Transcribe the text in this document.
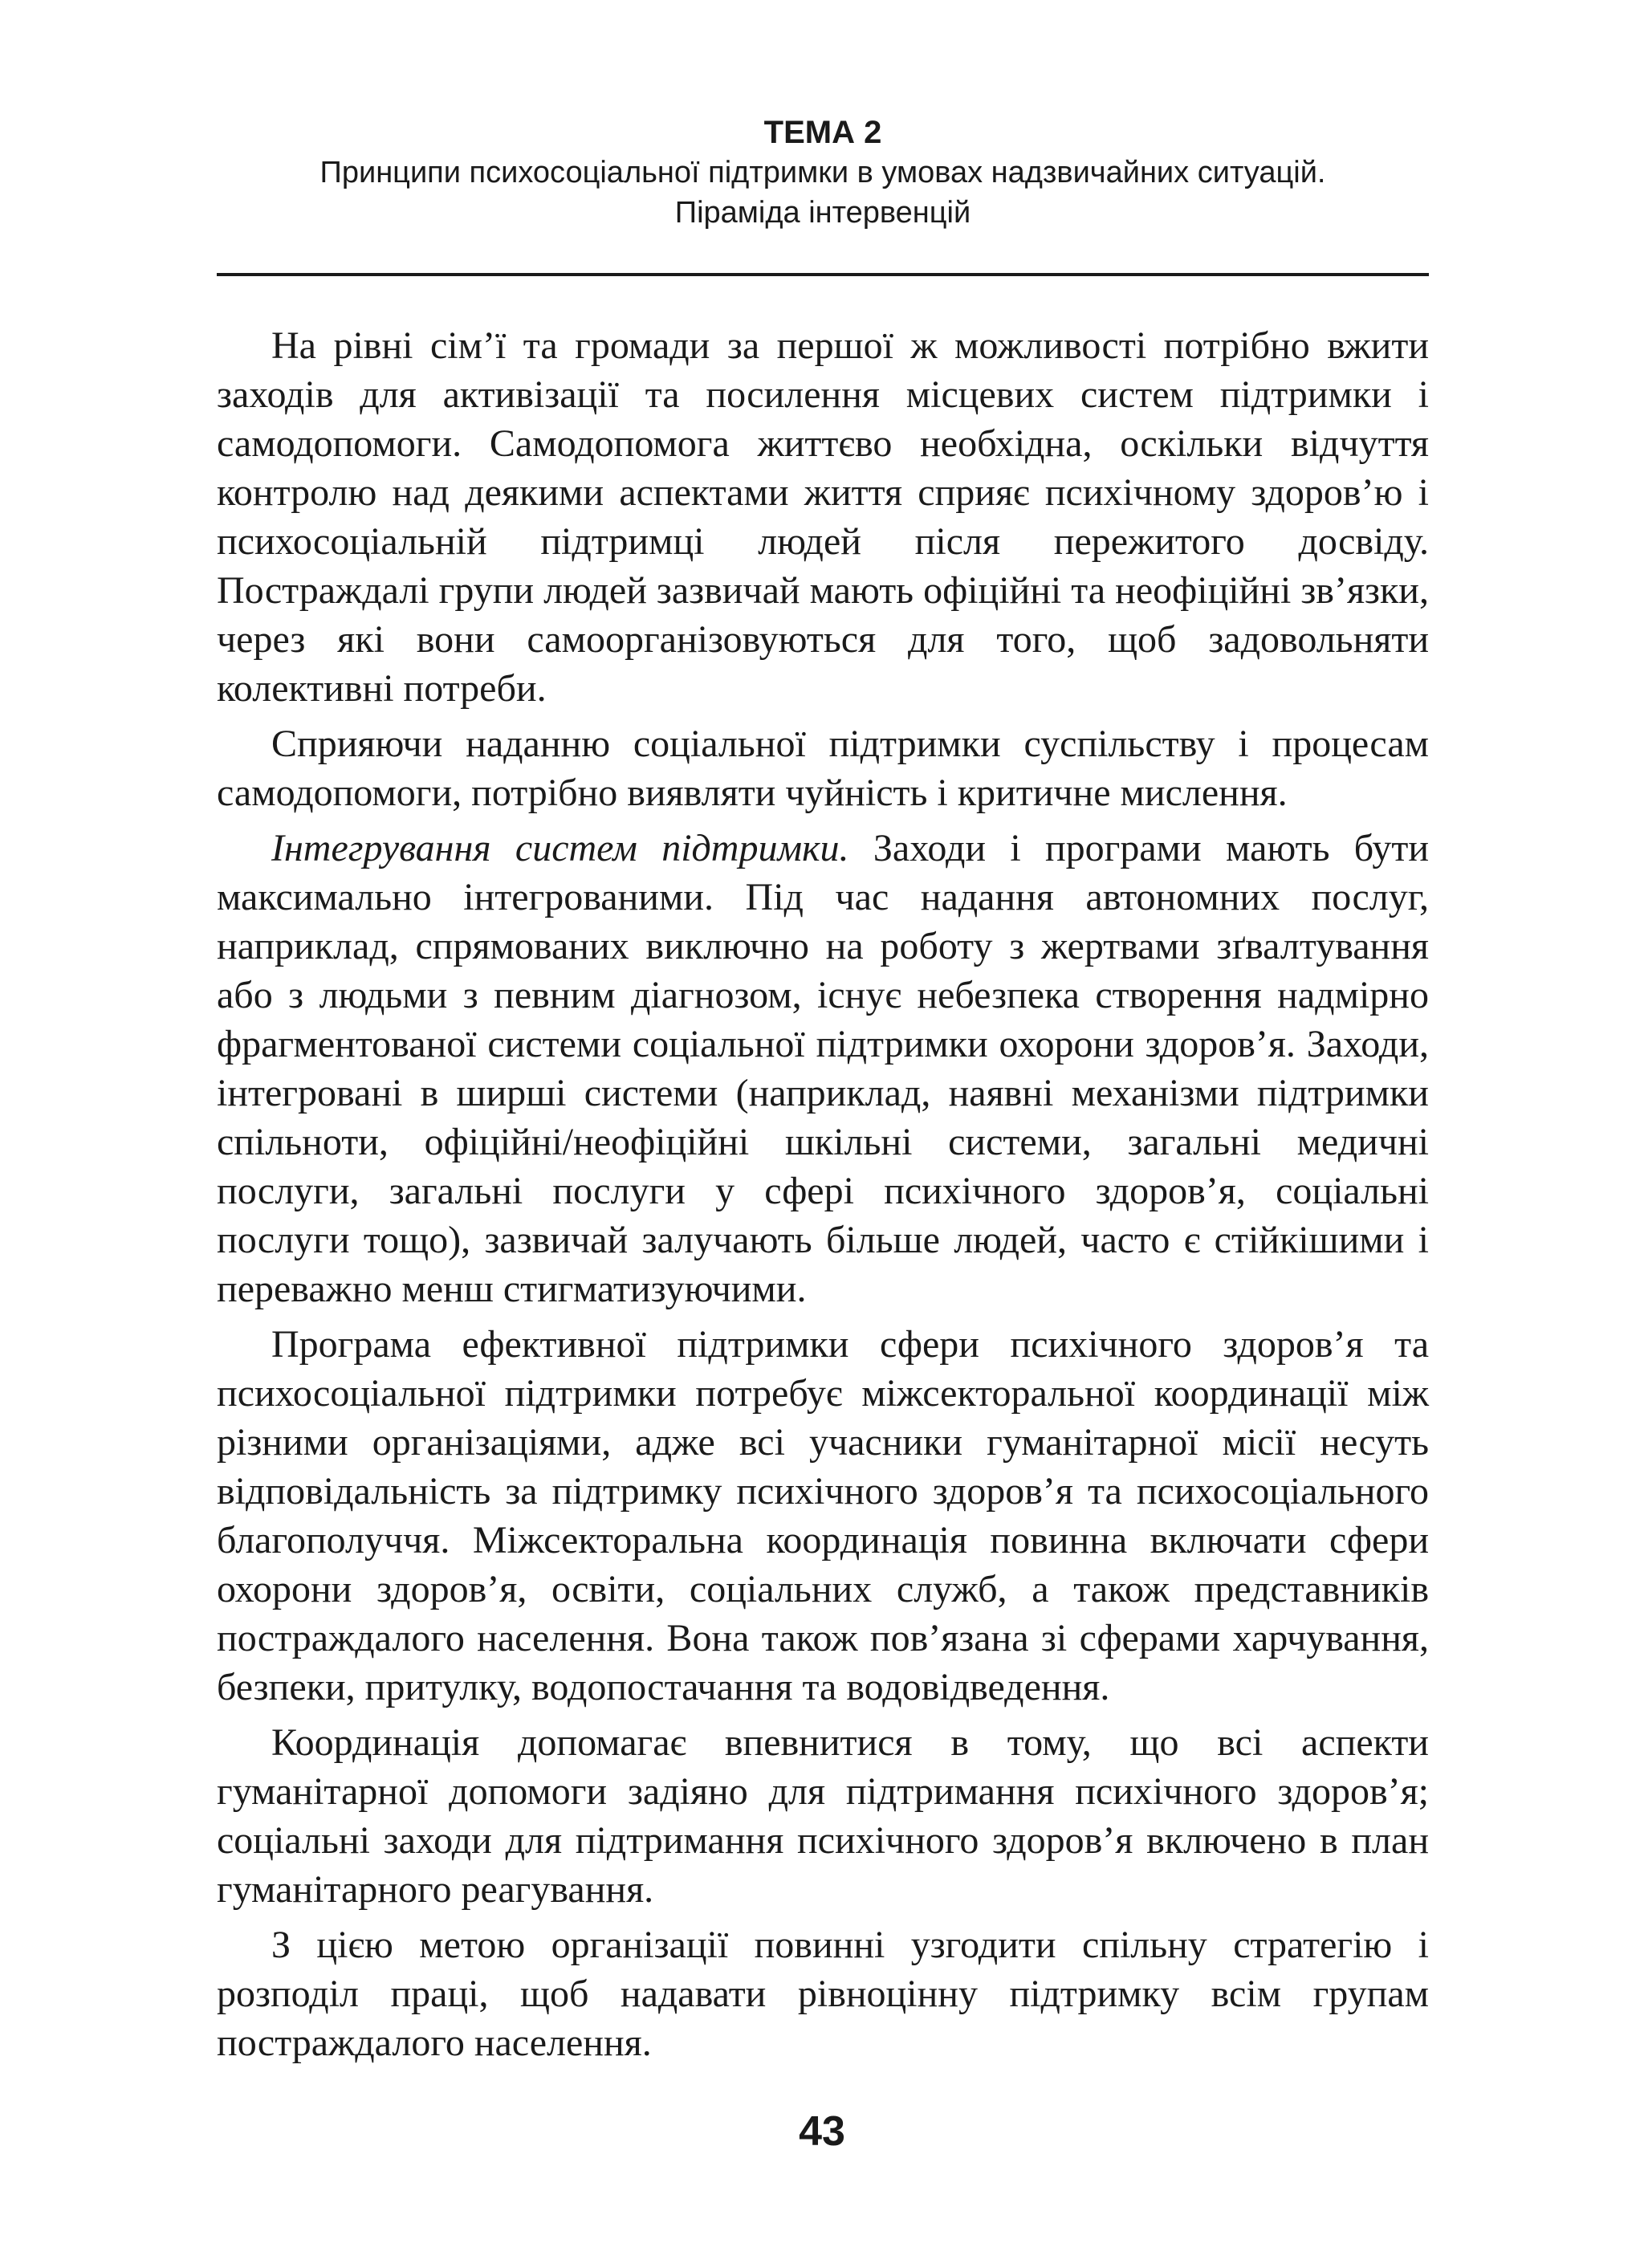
ТЕМА 2
Принципи психосоціальної підтримки в умовах надзвичайних ситуацій.
Піраміда інтервенцій

На рівні сім’ї та громади за першої ж можливості потрібно вжити заходів для активізації та посилення місцевих систем підтримки і самодопомоги. Самодопомога життєво необхідна, оскільки відчуття контролю над деякими аспектами життя сприяє психічному здоров’ю і психосоціальній підтримці людей після пережитого досвіду. Постраждалі групи людей зазвичай мають офіційні та неофіційні зв’язки, через які вони самоорганізовуються для того, щоб задовольняти колективні потреби.

Сприяючи наданню соціальної підтримки суспільству і процесам самодопомоги, потрібно виявляти чуйність і критичне мислення.

Інтегрування систем підтримки. Заходи і програми мають бути максимально інтегрованими. Під час надання автономних послуг, наприклад, спрямованих виключно на роботу з жертвами зґвалтування або з людьми з певним діагнозом, існує небезпека створення надмірно фрагментованої системи соціальної підтримки охорони здоров’я. Заходи, інтегровані в ширші системи (наприклад, наявні механізми підтримки спільноти, офіційні/неофіційні шкільні системи, загальні медичні послуги, загальні послуги у сфері психічного здоров’я, соціальні послуги тощо), зазвичай залучають більше людей, часто є стійкішими і переважно менш стигматизуючими.

Програма ефективної підтримки сфери психічного здоров’я та психосоціальної підтримки потребує міжсекторальної координації між різними організаціями, адже всі учасники гуманітарної місії несуть відповідальність за підтримку психічного здоров’я та психосоціального благополуччя. Міжсекторальна координація повинна включати сфери охорони здоров’я, освіти, соціальних служб, а також представників постраждалого населення. Вона також пов’язана зі сферами харчування, безпеки, притулку, водопостачання та водовідведення.

Координація допомагає впевнитися в тому, що всі аспекти гуманітарної допомоги задіяно для підтримання психічного здоров’я; соціальні заходи для підтримання психічного здоров’я включено в план гуманітарного реагування.

З цією метою організації повинні узгодити спільну стратегію і розподіл праці, щоб надавати рівноцінну підтримку всім групам постраждалого населення.

43
